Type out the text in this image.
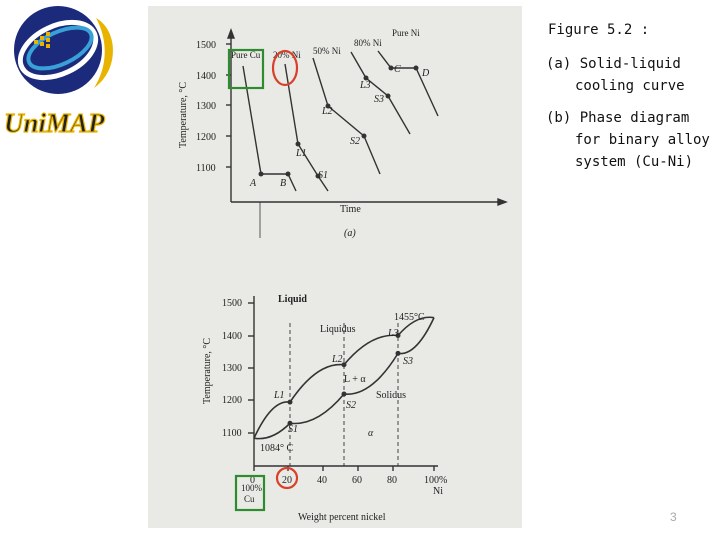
UniMAP
1500
1400
1300
1200
1100
Temperature, °C
Time
(a)
Pure Cu 20% Ni 50% Ni
80% Ni
Pure Ni
A B
L1
S1
L2
S2
L3
S3
C D
1500
1400
1300
1200
1100
Temperature, °C
0	20	40	60	80	100%
Ni
100%
Cu
Weight percent nickel
Liquid
L + α
α
Liquidus
Solidus
1455°C
1084° C
L1
L2
L3
S1
S2
S3
Figure 5.2 :
(a) Solid-liquid
cooling curve
(b) Phase diagram
for binary alloy
system (Cu-Ni)
3
